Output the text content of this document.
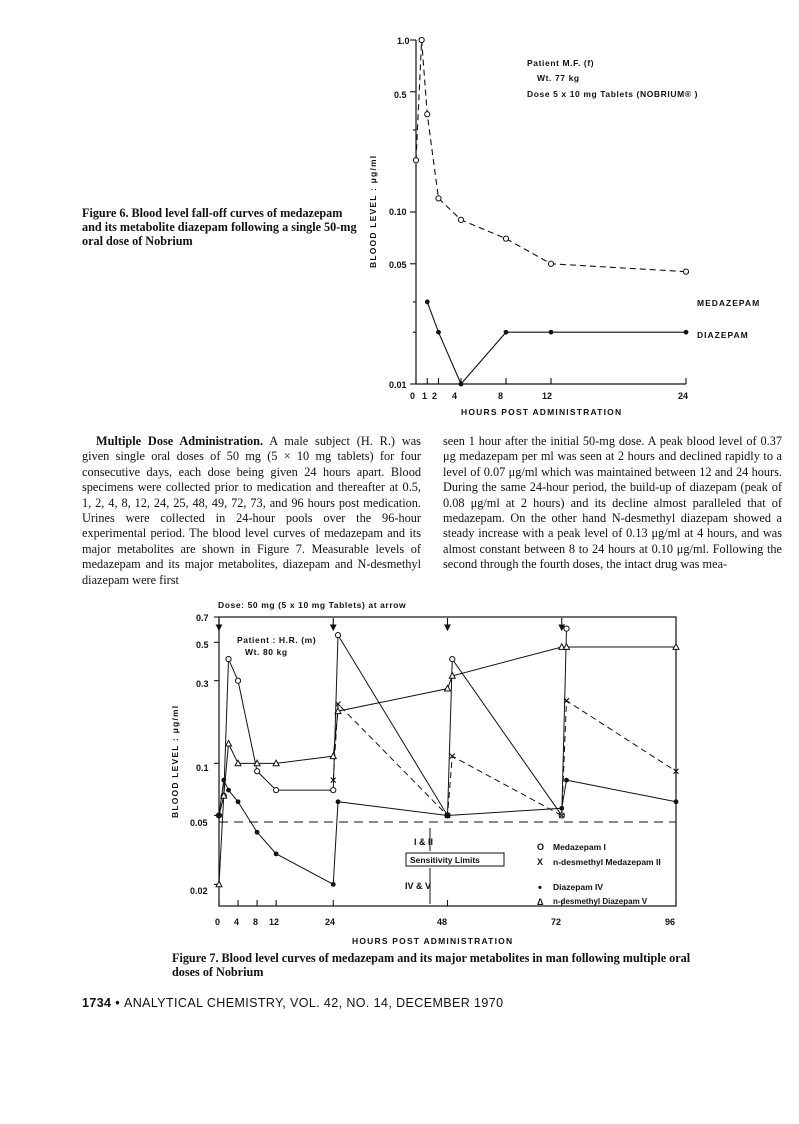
1.0
0.5
0.10
0.05
0.01
0 1 2 4	8	12	24
HOURS POST ADMINISTRATION
BLOOD LEVEL : μg/ml
Patient M.F. (f)
Wt. 77 kg
Dose 5 x 10 mg Tablets (NOBRIUM® )
MEDAZEPAM
DIAZEPAM
Figure 6. Blood level fall-off curves of medazepam and its metabolite diazepam following a single 50-mg oral dose of Nobrium

Multiple Dose Administration. A male subject (H. R.) was given single oral doses of 50 mg (5 × 10 mg tablets) for four consecutive days, each dose being given 24 hours apart. Blood specimens were collected prior to medication and thereafter at 0.5, 1, 2, 4, 8, 12, 24, 25, 48, 49, 72, 73, and 96 hours post medication. Urines were collected in 24-hour pools over the 96-hour experimental period. The blood level curves of medazepam and its major metabolites are shown in Figure 7. Measurable levels of medazepam and its major metabolites, diazepam and N-desmethyl diazepam were first

seen 1 hour after the initial 50-mg dose. A peak blood level of 0.37 μg medazepam per ml was seen at 2 hours and declined rapidly to a level of 0.07 μg/ml which was maintained between 12 and 24 hours. During the same 24-hour period, the build-up of diazepam (peak of 0.08 μg/ml at 2 hours) and its decline almost paralleled that of medazepam. On the other hand N-desmethyl diazepam showed a steady increase with a peak level of 0.13 μg/ml at 4 hours, and was almost constant between 8 to 24 hours at 0.10 μg/ml. Following the second through the fourth doses, the intact drug was mea-

Dose: 50 mg (5 x 10 mg Tablets) at arrow
0.7
0.5
0.3
0.1
0.05
0.02
0 4 8 12	24	48	72	96
HOURS POST ADMINISTRATION
BLOOD LEVEL : μg/ml
Patient : H.R. (m)
Wt. 80 kg
I & II
Sensitivity Limits
IV & V
O Medazepam I
X n-desmethyl Medazepam II
• Diazepam IV
Δ n-desmethyl Diazepam V
Figure 7. Blood level curves of medazepam and its major metabolites in man following multiple oral doses of Nobrium
1734 • ANALYTICAL CHEMISTRY, VOL. 42, NO. 14, DECEMBER 1970
